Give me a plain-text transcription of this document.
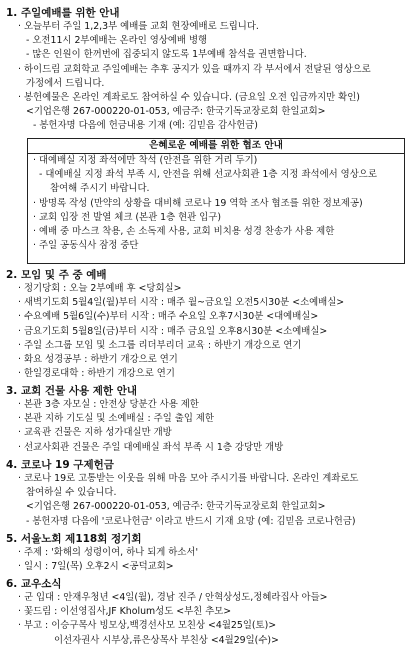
1. 주일예배를 위한 안내
· 오늘부터 주일 1,2,3부 예배를 교회 현장예배로 드립니다.
- 오전11시 2부예배는 온라인 영상예배 병행
- 많은 인원이 한꺼번에 집중되지 않도록 1부예배 참석을 권면합니다.
· 하이드림 교회학교 주일예배는 추후 공지가 있을 때까지 각 부서에서 전달된 영상으로
가정에서 드립니다.
· 봉헌예물은 온라인 계좌로도 참여하실 수 있습니다. (금요일 오전 입금까지만 확인)
<기업은행 267-000220-01-053, 예금주: 한국기독교장로회 한일교회>
- 봉헌자명 다음에 헌금내용 기재 (예: 김믿음 감사헌금)
은혜로운 예배를 위한 협조 안내
· 대예배실 지정 좌석에만 착석 (안전을 위한 거리 두기)
- 대예배실 지정 좌석 부족 시, 안전을 위해 선교사회관 1층 지정 좌석에서 영상으로
참여해 주시기 바랍니다.
· 방명록 작성 (만약의 상황을 대비해 코로나 19 역학 조사 협조를 위한 정보제공)
· 교회 입장 전 발열 체크 (본관 1층 현관 입구)
· 예배 중 마스크 착용, 손 소독제 사용, 교회 비치용 성경 찬송가 사용 제한
· 주일 공동식사 잠정 중단
2. 모임 및 주 중 예배
· 정기당회 : 오늘 2부예배 후 <당회실>
· 새벽기도회 5월4일(월)부터 시작 : 매주 월~금요일 오전5시30분 <소예배실>
· 수요예배 5월6일(수)부터 시작 : 매주 수요일 오후7시30분 <대예배실>
· 금요기도회 5월8일(금)부터 시작 : 매주 금요일 오후8시30분 <소예배실>
· 주일 소그룹 모임 및 소그룹 리더부리더 교육 : 하반기 개강으로 연기
· 화요 성경공부 : 하반기 개강으로 연기
· 한일경로대학 : 하반기 개강으로 연기
3. 교회 건물 사용 제한 안내
· 본관 3층 자모실 : 안전상 당분간 사용 제한
· 본관 지하 기도실 및 소예배실 : 주일 출입 제한
· 교육관 건물은 지하 성가대실만 개방
· 선교사회관 건물은 주일 대예배실 좌석 부족 시 1층 강당만 개방
4. 코로나 19 구제헌금
· 코로나 19로 고통받는 이웃을 위해 마음 모아 주시기를 바랍니다. 온라인 계좌로도
참여하실 수 있습니다.
<기업은행 267-000220-01-053, 예금주: 한국기독교장로회 한일교회>
- 봉헌자명 다음에 '코로나헌금' 이라고 반드시 기재 요망 (예: 김믿음 코로나헌금)
5. 서울노회 제118회 정기회
· 주제 : '화해의 성령이여, 하나 되게 하소서'
· 일시 : 7일(목) 오후2시 <공덕교회>
6. 교우소식
· 군 입대 : 안재우청년 <4일(월), 경남 진주 / 안혁상성도,정혜라집사 아들>
· 꽃드림 : 이선영집사,JF Kholum성도 <부친 추모>
· 부고 : 이승구목사 빙모상,백경선사모 모친상 <4월25일(토)>
이선자권사 시부상,류은상목사 부친상 <4월29일(수)>
